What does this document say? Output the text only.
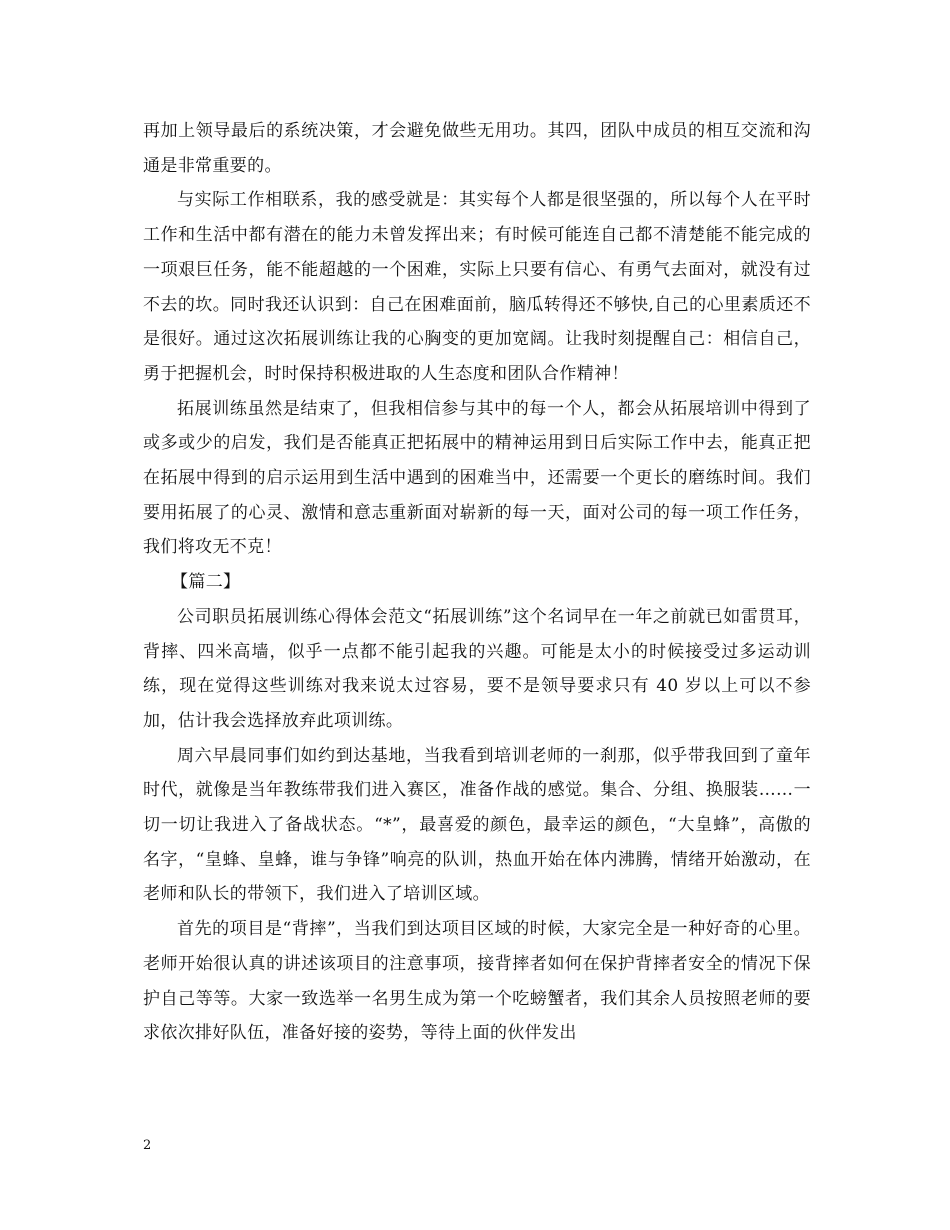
再加上领导最后的系统决策，才会避免做些无用功。其四，团队中成员的相互交流和沟通是非常重要的。

与实际工作相联系，我的感受就是：其实每个人都是很坚强的，所以每个人在平时工作和生活中都有潜在的能力未曾发挥出来；有时候可能连自己都不清楚能不能完成的一项艰巨任务，能不能超越的一个困难，实际上只要有信心、有勇气去面对，就没有过不去的坎。同时我还认识到：自己在困难面前，脑瓜转得还不够快,自己的心里素质还不是很好。通过这次拓展训练让我的心胸变的更加宽阔。让我时刻提醒自己：相信自己，勇于把握机会，时时保持积极进取的人生态度和团队合作精神！

拓展训练虽然是结束了，但我相信参与其中的每一个人，都会从拓展培训中得到了或多或少的启发，我们是否能真正把拓展中的精神运用到日后实际工作中去，能真正把在拓展中得到的启示运用到生活中遇到的困难当中，还需要一个更长的磨练时间。我们要用拓展了的心灵、激情和意志重新面对崭新的每一天，面对公司的每一项工作任务，我们将攻无不克！

【篇二】

公司职员拓展训练心得体会范文“拓展训练”这个名词早在一年之前就已如雷贯耳，背摔、四米高墙，似乎一点都不能引起我的兴趣。可能是太小的时候接受过多运动训练，现在觉得这些训练对我来说太过容易，要不是领导要求只有 40 岁以上可以不参加，估计我会选择放弃此项训练。

周六早晨同事们如约到达基地，当我看到培训老师的一刹那，似乎带我回到了童年时代，就像是当年教练带我们进入赛区，准备作战的感觉。集合、分组、换服装……一切一切让我进入了备战状态。“*”，最喜爱的颜色，最幸运的颜色，“大皇蜂”，高傲的名字，“皇蜂、皇蜂，谁与争锋”响亮的队训，热血开始在体内沸腾，情绪开始激动，在老师和队长的带领下，我们进入了培训区域。

首先的项目是“背摔”，当我们到达项目区域的时候，大家完全是一种好奇的心里。老师开始很认真的讲述该项目的注意事项，接背摔者如何在保护背摔者安全的情况下保护自己等等。大家一致选举一名男生成为第一个吃螃蟹者，我们其余人员按照老师的要求依次排好队伍，准备好接的姿势，等待上面的伙伴发出

2
